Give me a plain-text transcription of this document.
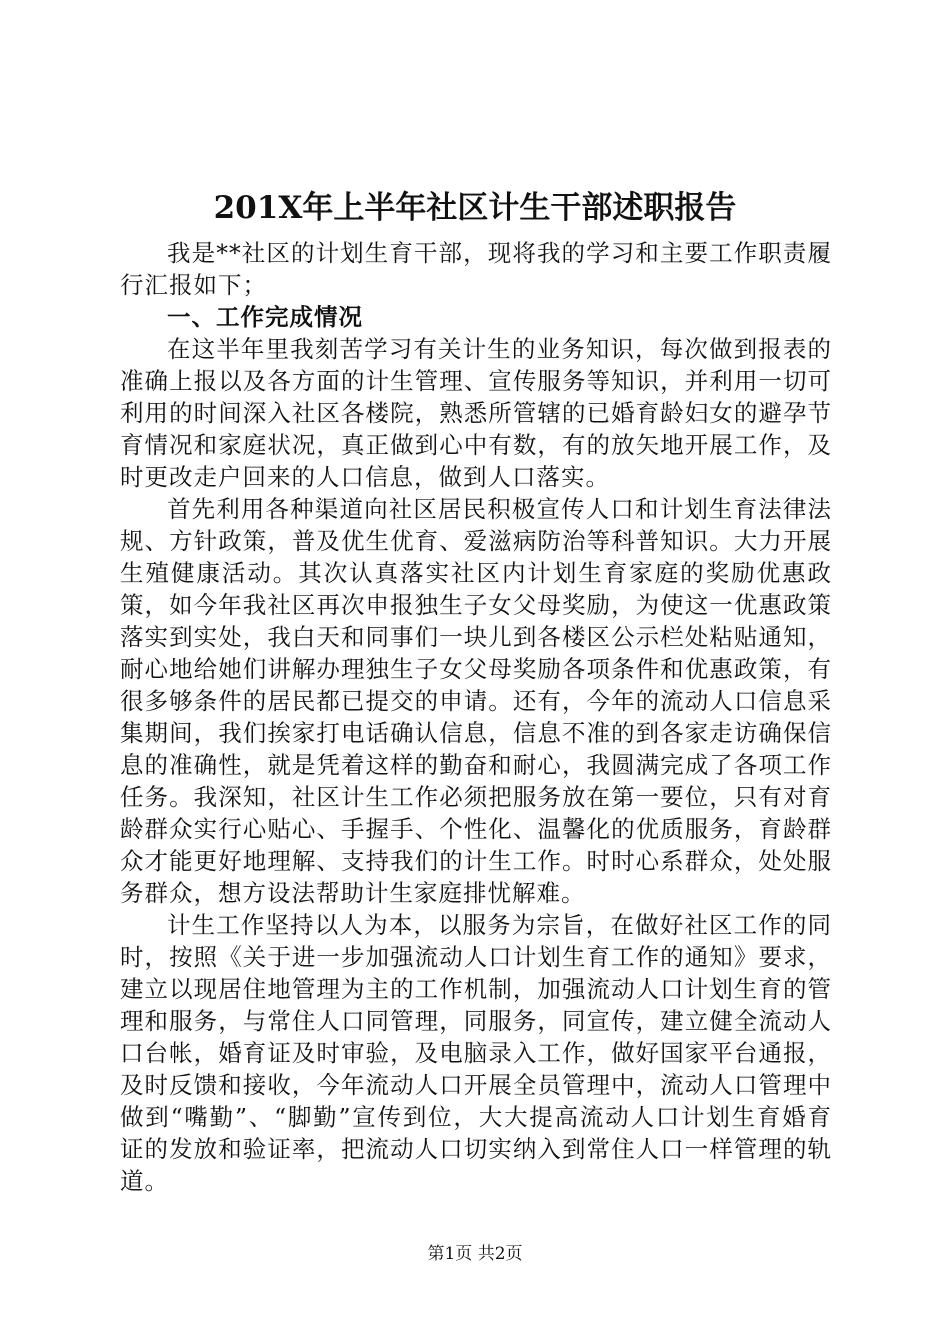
201X年上半年社区计生干部述职报告

我是**社区的计划生育干部，现将我的学习和主要工作职责履行汇报如下；

一、工作完成情况

在这半年里我刻苦学习有关计生的业务知识，每次做到报表的准确上报以及各方面的计生管理、宣传服务等知识，并利用一切可利用的时间深入社区各楼院，熟悉所管辖的已婚育龄妇女的避孕节育情况和家庭状况，真正做到心中有数，有的放矢地开展工作，及时更改走户回来的人口信息，做到人口落实。

首先利用各种渠道向社区居民积极宣传人口和计划生育法律法规、方针政策，普及优生优育、爱滋病防治等科普知识。大力开展生殖健康活动。其次认真落实社区内计划生育家庭的奖励优惠政策，如今年我社区再次申报独生子女父母奖励，为使这一优惠政策落实到实处，我白天和同事们一块儿到各楼区公示栏处粘贴通知，耐心地给她们讲解办理独生子女父母奖励各项条件和优惠政策，有很多够条件的居民都已提交的申请。还有，今年的流动人口信息采集期间，我们挨家打电话确认信息，信息不准的到各家走访确保信息的准确性，就是凭着这样的勤奋和耐心，我圆满完成了各项工作任务。我深知，社区计生工作必须把服务放在第一要位，只有对育龄群众实行心贴心、手握手、个性化、温馨化的优质服务，育龄群众才能更好地理解、支持我们的计生工作。时时心系群众，处处服务群众，想方设法帮助计生家庭排忧解难。

计生工作坚持以人为本，以服务为宗旨，在做好社区工作的同时，按照《关于进一步加强流动人口计划生育工作的通知》要求，建立以现居住地管理为主的工作机制，加强流动人口计划生育的管理和服务，与常住人口同管理，同服务，同宣传，建立健全流动人口台帐，婚育证及时审验，及电脑录入工作，做好国家平台通报，及时反馈和接收，今年流动人口开展全员管理中，流动人口管理中做到“嘴勤”、“脚勤”宣传到位，大大提高流动人口计划生育婚育证的发放和验证率，把流动人口切实纳入到常住人口一样管理的轨道。

第1页 共2页
